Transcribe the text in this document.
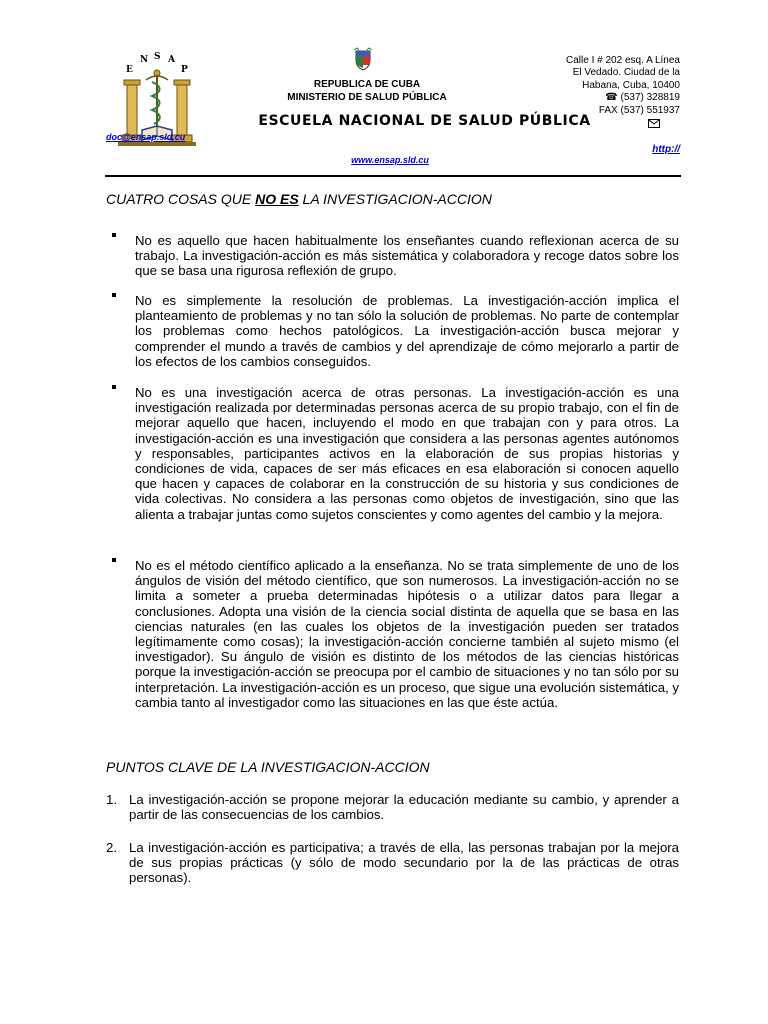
E
N S A
P
doc@ensap.sld.cu
REPUBLICA DE CUBA
MINISTERIO DE SALUD PÚBLICA
ESCUELA NACIONAL DE SALUD PÚBLICA
Calle I # 202 esq. A Línea
El Vedado. Ciudad de la
Habana, Cuba, 10400
☎ (537) 328819
FAX (537) 551937
http://
www.ensap.sld.cu
CUATRO COSAS QUE NO ES LA INVESTIGACION-ACCION
No es aquello que hacen habitualmente los enseñantes cuando reflexionan acerca de su trabajo. La investigación-acción es más sistemática y colaboradora y recoge datos sobre los que se basa una rigurosa reflexión de grupo.
No es simplemente la resolución de problemas. La investigación-acción implica el planteamiento de problemas y no tan sólo la solución de problemas. No parte de contemplar los problemas como hechos patológicos. La investigación-acción busca mejorar y comprender el mundo a través de cambios y del aprendizaje de cómo mejorarlo a partir de los efectos de los cambios conseguidos.
No es una investigación acerca de otras personas. La investigación-acción es una investigación realizada por determinadas personas acerca de su propio trabajo, con el fin de mejorar aquello que hacen, incluyendo el modo en que trabajan con y para otros. La investigación-acción es una investigación que considera a las personas agentes autónomos y responsables, participantes activos en la elaboración de sus propias historias y condiciones de vida, capaces de ser más eficaces en esa elaboración si conocen aquello que hacen y capaces de colaborar en la construcción de su historia y sus condiciones de vida colectivas. No considera a las personas como objetos de investigación, sino que las alienta a trabajar juntas como sujetos conscientes y como agentes del cambio y la mejora.
No es el método científico aplicado a la enseñanza. No se trata simplemente de uno de los ángulos de visión del método científico, que son numerosos. La investigación-acción no se limita a someter a prueba determinadas hipótesis o a utilizar datos para llegar a conclusiones. Adopta una visión de la ciencia social distinta de aquella que se basa en las ciencias naturales (en las cuales los objetos de la investigación pueden ser tratados legítimamente como cosas); la investigación-acción concierne también al sujeto mismo (el investigador). Su ángulo de visión es distinto de los métodos de las ciencias históricas porque la investigación-acción se preocupa por el cambio de situaciones y no tan sólo por su interpretación. La investigación-acción es un proceso, que sigue una evolución sistemática, y cambia tanto al investigador como las situaciones en las que éste actúa.
PUNTOS CLAVE DE LA INVESTIGACION-ACCION
1. La investigación-acción se propone mejorar la educación mediante su cambio, y aprender a partir de las consecuencias de los cambios.
2. La investigación-acción es participativa; a través de ella, las personas trabajan por la mejora de sus propias prácticas (y sólo de modo secundario por la de las prácticas de otras personas).
